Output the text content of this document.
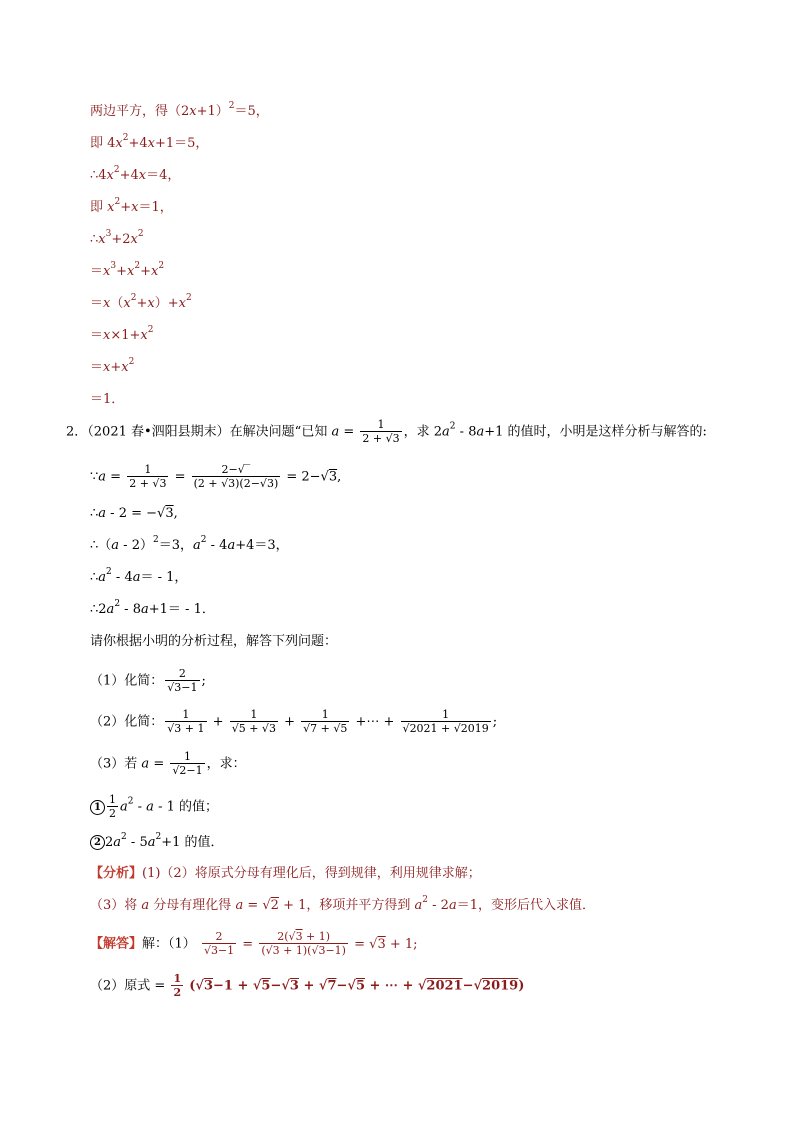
两边平方，得$(2x+1)^2=5$，
即 $4x^2+4x+1=5$，
$\therefore 4x^2+4x=4$，
即 $x^2+x=1$，
$\therefore x^3+2x^2$
$=x^3+x^2+x^2$
$=x(x^2+x)+x^2$
$=x\times 1+x^2$
$=x+x^2$
＝1．
2．（2021 春•泗阳县期末）在解决问题“已知 $a = \frac{1}{2 + √3}$ ，求 $2a^2 - 8a+1$ 的值时，小明是这样分析与解答的:
∵a = $\frac{1}{2 + √3} = \frac{2-√‾}{(2 + √3)(2-√3)} = 2-√3$,
∴a - 2 = −√3,
∴（a - 2）$^2$＝3，$a^2 - 4a+4=3$，
$\therefore a^2 - 4a= - 1$，
$\therefore 2a^2 - 8a+1= - 1$．
请你根据小明的分析过程，解答下列问题：
（1）化简： $\frac{2}{√3-1}$ ;
（2）化简： $\frac{1}{√3 + 1} + \frac{1}{√5 + √3} + \frac{1}{√7 + √5}$ +⋯ + $\frac{1}{√2021 + √2019}$ ;
（3）若 $a = \frac{1}{√2-1}$ ，求：
$1 \frac{1}{2} a^2$ - a - 1 的值；
2 $2a^2 - 5a^2+1$ 的值．
【分析】(1)（2）将原式分母有理化后，得到规律，利用规律求解；
（3）将 a 分母有理化得 a = √2 + 1，移项并平方得到 $a^2 - 2a=1$，变形后代入求值．
【解答】解：$(1) \frac{2}{√3-1} = \frac{2(√3 + 1)}{(√3 + 1)(√3-1)} = √3 + 1$;
（2）原式 = $\frac{1}{2} (√3-1 + √5-√3 + √7-√5$ + ⋯ + √2021−√2019)
